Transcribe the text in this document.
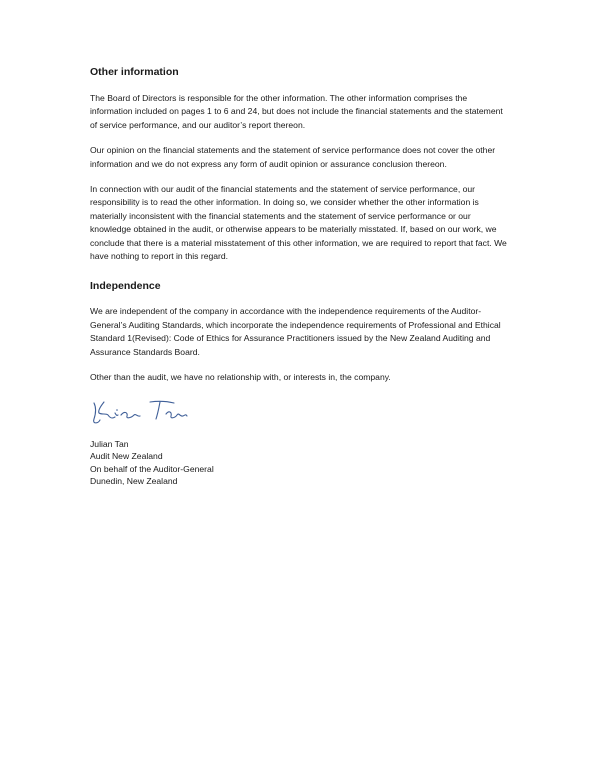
Other information

The Board of Directors is responsible for the other information. The other information comprises the information included on pages 1 to 6 and 24, but does not include the financial statements and the statement of service performance, and our auditor’s report thereon.

Our opinion on the financial statements and the statement of service performance does not cover the other information and we do not express any form of audit opinion or assurance conclusion thereon.

In connection with our audit of the financial statements and the statement of service performance, our responsibility is to read the other information. In doing so, we consider whether the other information is materially inconsistent with the financial statements and the statement of service performance or our knowledge obtained in the audit, or otherwise appears to be materially misstated. If, based on our work, we conclude that there is a material misstatement of this other information, we are required to report that fact. We have nothing to report in this regard.

Independence

We are independent of the company in accordance with the independence requirements of the Auditor-General’s Auditing Standards, which incorporate the independence requirements of Professional and Ethical Standard 1(Revised): Code of Ethics for Assurance Practitioners issued by the New Zealand Auditing and Assurance Standards Board.

Other than the audit, we have no relationship with, or interests in, the company.

Julian Tan
Audit New Zealand
On behalf of the Auditor-General
Dunedin, New Zealand
